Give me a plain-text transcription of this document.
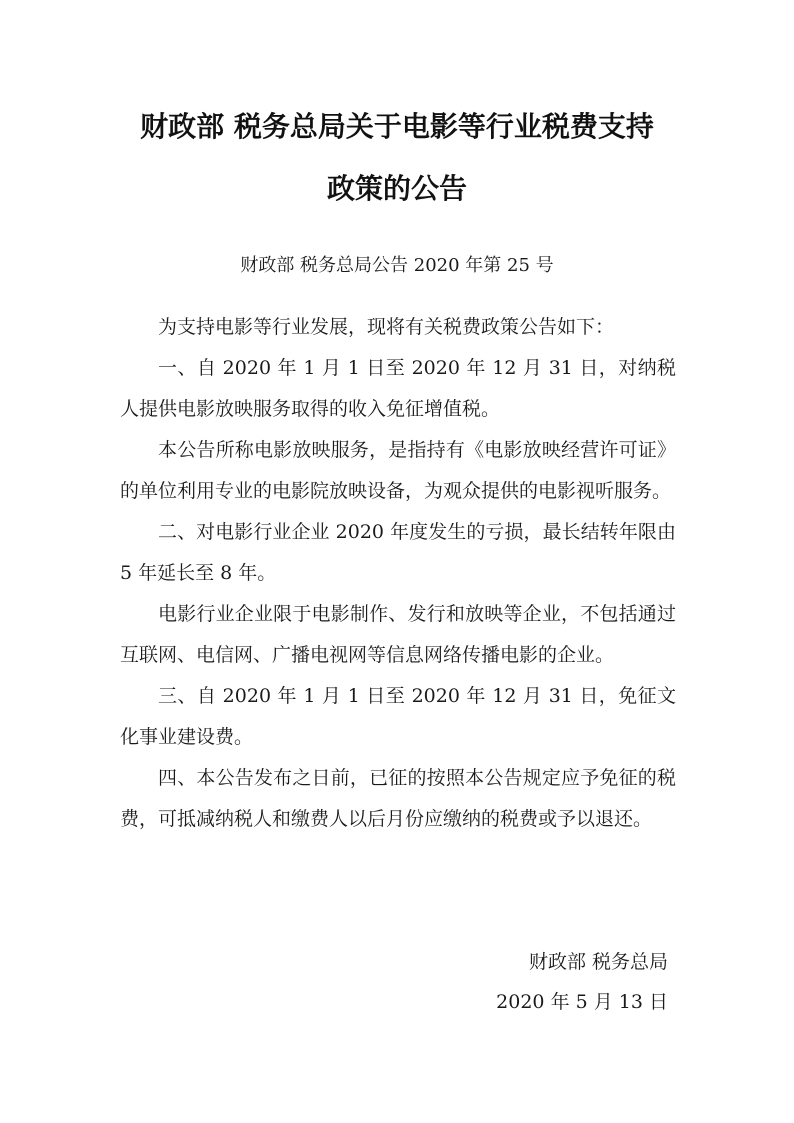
财政部 税务总局关于电影等行业税费支持
政策的公告
财政部 税务总局公告 2020 年第 25 号

为支持电影等行业发展，现将有关税费政策公告如下：

一、自 2020 年 1 月 1 日至 2020 年 12 月 31 日，对纳税人提供电影放映服务取得的收入免征增值税。

本公告所称电影放映服务，是指持有《电影放映经营许可证》的单位利用专业的电影院放映设备，为观众提供的电影视听服务。

二、对电影行业企业 2020 年度发生的亏损，最长结转年限由 5 年延长至 8 年。

电影行业企业限于电影制作、发行和放映等企业，不包括通过互联网、电信网、广播电视网等信息网络传播电影的企业。

三、自 2020 年 1 月 1 日至 2020 年 12 月 31 日，免征文化事业建设费。

四、本公告发布之日前，已征的按照本公告规定应予免征的税费，可抵减纳税人和缴费人以后月份应缴纳的税费或予以退还。

财政部 税务总局
2020 年 5 月 13 日
